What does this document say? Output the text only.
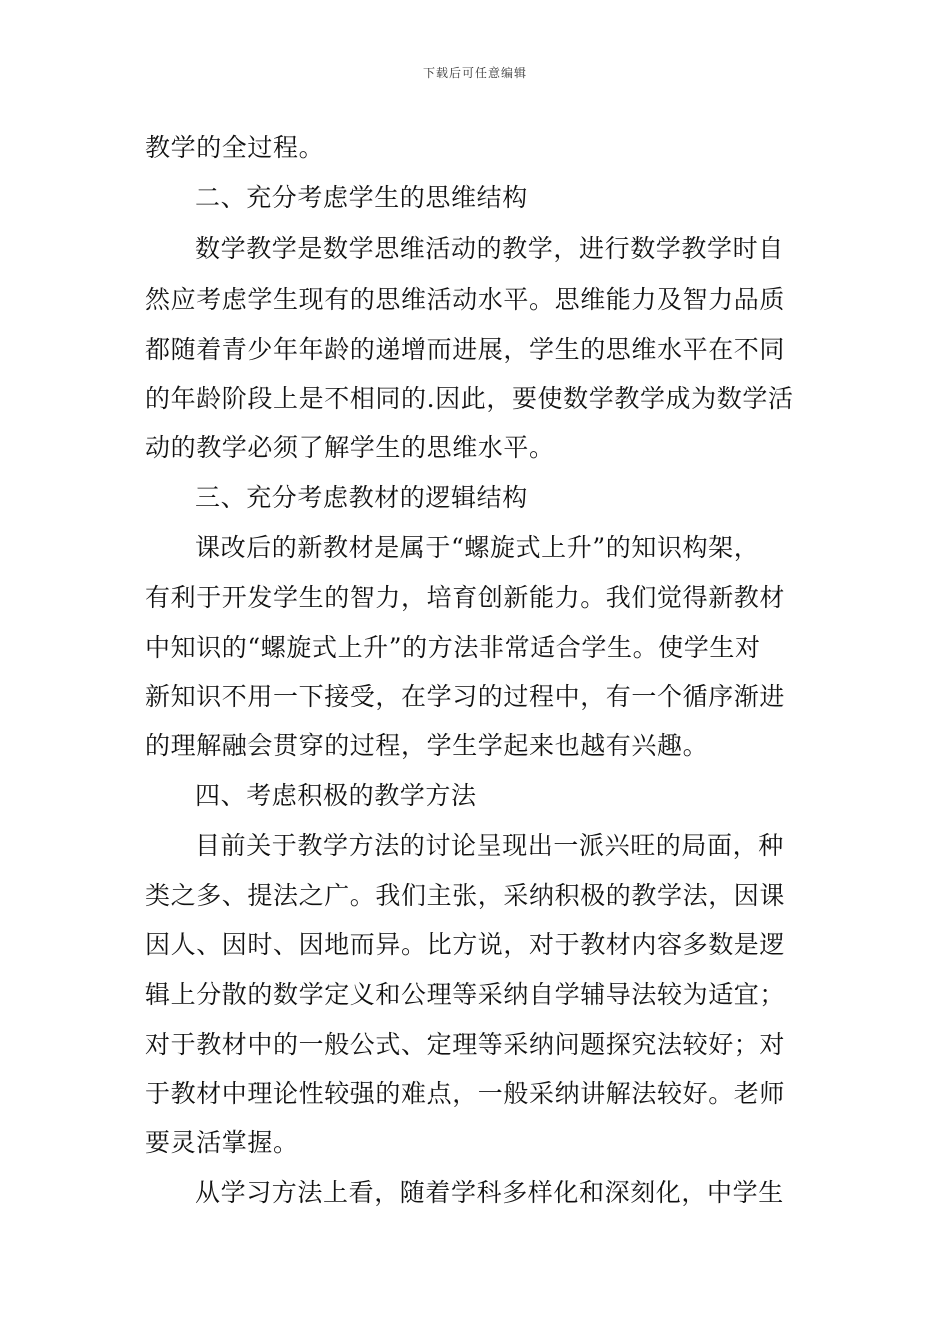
下载后可任意编辑
教学的全过程。
二、充分考虑学生的思维结构
数学教学是数学思维活动的教学，进行数学教学时自
然应考虑学生现有的思维活动水平。思维能力及智力品质
都随着青少年年龄的递增而进展，学生的思维水平在不同
的年龄阶段上是不相同的.因此，要使数学教学成为数学活
动的教学必须了解学生的思维水平。
三、充分考虑教材的逻辑结构
课改后的新教材是属于“螺旋式上升”的知识构架，
有利于开发学生的智力，培育创新能力。我们觉得新教材
中知识的“螺旋式上升”的方法非常适合学生。使学生对
新知识不用一下接受，在学习的过程中，有一个循序渐进
的理解融会贯穿的过程，学生学起来也越有兴趣。
四、考虑积极的教学方法
目前关于教学方法的讨论呈现出一派兴旺的局面，种
类之多、提法之广。我们主张，采纳积极的教学法，因课
因人、因时、因地而异。比方说，对于教材内容多数是逻
辑上分散的数学定义和公理等采纳自学辅导法较为适宜；
对于教材中的一般公式、定理等采纳问题探究法较好；对
于教材中理论性较强的难点，一般采纳讲解法较好。老师
要灵活掌握。
从学习方法上看，随着学科多样化和深刻化，中学生
